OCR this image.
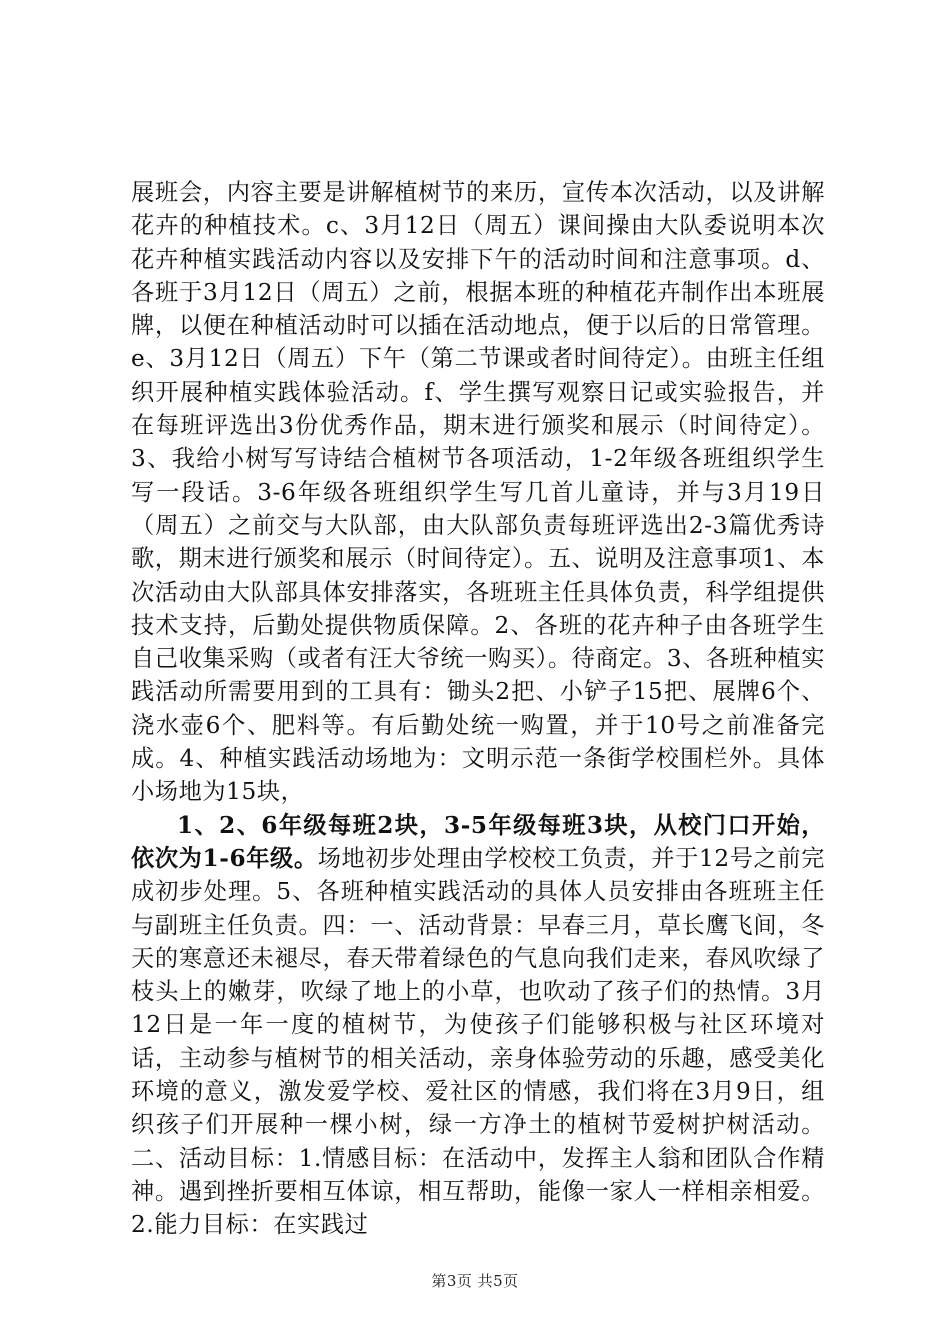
展班会，内容主要是讲解植树节的来历，宣传本次活动，以及讲解花卉的种植技术。c、3月12日（周五）课间操由大队委说明本次花卉种植实践活动内容以及安排下午的活动时间和注意事项。d、各班于3月12日（周五）之前，根据本班的种植花卉制作出本班展牌，以便在种植活动时可以插在活动地点，便于以后的日常管理。e、3月12日（周五）下午（第二节课或者时间待定）。由班主任组织开展种植实践体验活动。f、学生撰写观察日记或实验报告，并在每班评选出3份优秀作品，期末进行颁奖和展示（时间待定）。3、我给小树写写诗结合植树节各项活动，1-2年级各班组织学生写一段话。3-6年级各班组织学生写几首儿童诗，并与3月19日（周五）之前交与大队部，由大队部负责每班评选出2-3篇优秀诗歌，期末进行颁奖和展示（时间待定）。五、说明及注意事项1、本次活动由大队部具体安排落实，各班班主任具体负责，科学组提供技术支持，后勤处提供物质保障。2、各班的花卉种子由各班学生自己收集采购（或者有汪大爷统一购买）。待商定。3、各班种植实践活动所需要用到的工具有：锄头2把、小铲子15把、展牌6个、浇水壶6个、肥料等。有后勤处统一购置，并于10号之前准备完成。4、种植实践活动场地为：文明示范一条街学校围栏外。具体小场地为15块，

1、2、6年级每班2块，3-5年级每班3块，从校门口开始，依次为1-6年级。场地初步处理由学校校工负责，并于12号之前完成初步处理。5、各班种植实践活动的具体人员安排由各班班主任与副班主任负责。四：一、活动背景：早春三月，草长鹰飞间，冬天的寒意还未褪尽，春天带着绿色的气息向我们走来，春风吹绿了枝头上的嫩芽，吹绿了地上的小草，也吹动了孩子们的热情。3月12日是一年一度的植树节，为使孩子们能够积极与社区环境对话，主动参与植树节的相关活动，亲身体验劳动的乐趣，感受美化环境的意义，激发爱学校、爱社区的情感，我们将在3月9日，组织孩子们开展种一棵小树，绿一方净土的植树节爱树护树活动。二、活动目标：1.情感目标：在活动中，发挥主人翁和团队合作精神。遇到挫折要相互体谅，相互帮助，能像一家人一样相亲相爱。2.能力目标：在实践过

第3页 共5页
